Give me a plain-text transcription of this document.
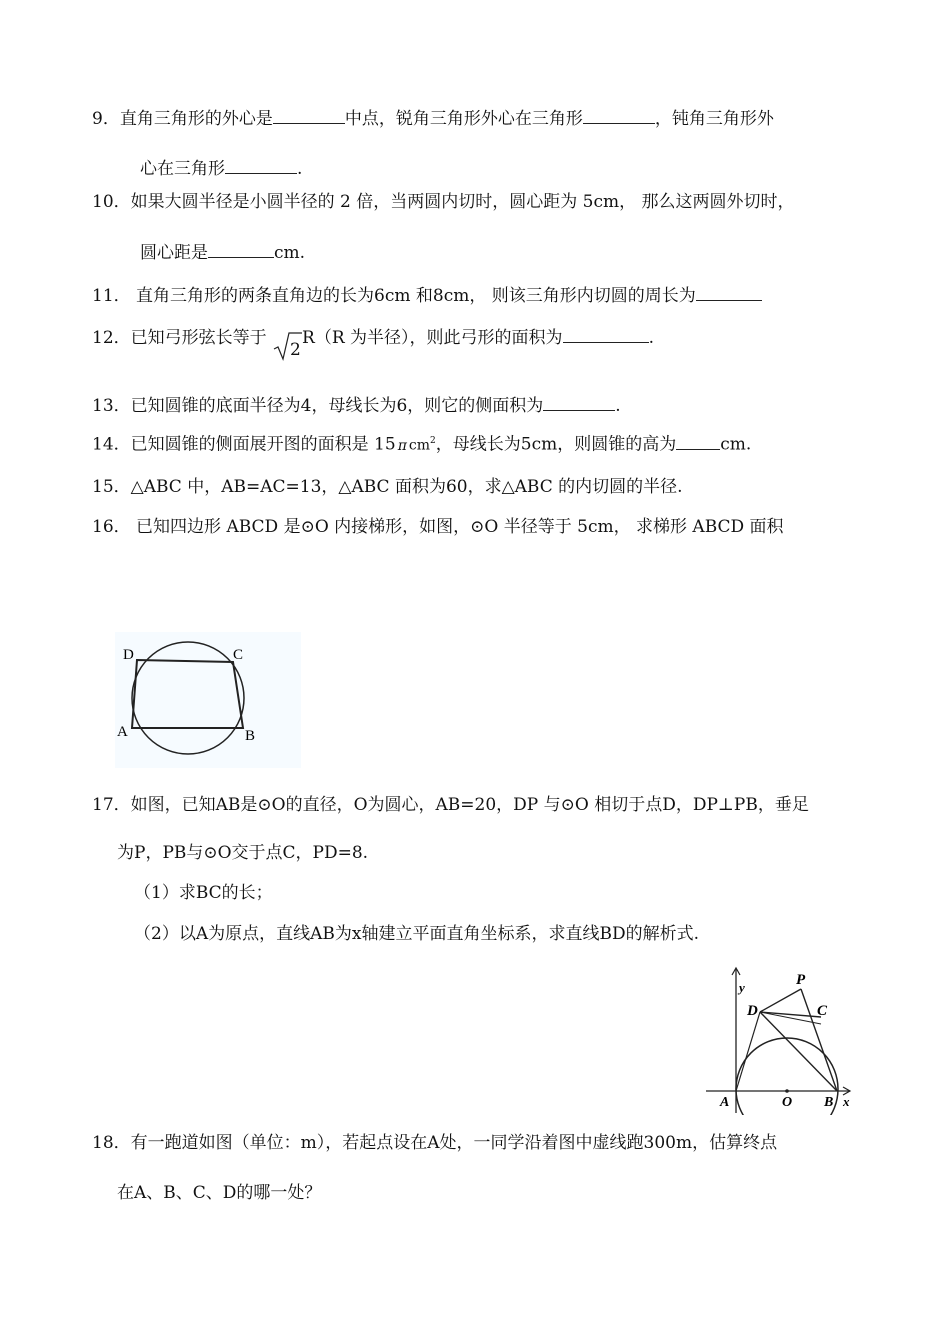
9．直角三角形的外心是	中点，锐角三角形外心在三角形	，钝角三角形外
心在三角形	.
10．如果大圆半径是小圆半径的 2 倍，当两圆内切时，圆心距为 5cm， 那么这两圆外切时，
圆心距是	cm.
11． 直角三角形的两条直角边的长为6cm 和8cm， 则该三角形内切圆的周长为
12．已知弓形弦长等于
2
R（R 为半径），则此弓形的面积为	.
13．已知圆锥的底面半径为4，母线长为6，则它的侧面积为	.
14．已知圆锥的侧面展开图的面积是 15 π $cm^2$，母线长为5cm，则圆锥的高为	cm.
15．△ABC 中，AB=AC=13，△ABC 面积为60，求△ABC 的内切圆的半径.
16． 已知四边形 ABCD 是⊙O 内接梯形，如图，⊙O 半径等于 5cm， 求梯形 ABCD 面积
D	C
A	B
17．如图，已知AB是⊙O的直径，O为圆心，AB=20，DP 与⊙O 相切于点D，DP⊥PB，垂足
为P，PB与⊙O交于点C，PD=8.
（1）求BC的长；
（2）以A为原点，直线AB为x轴建立平面直角坐标系，求直线BD的解析式.
y	P
D	C
A	O B x
18．有一跑道如图（单位：m），若起点设在A处，一同学沿着图中虚线跑300m，估算终点
在A、B、C、D的哪一处？
